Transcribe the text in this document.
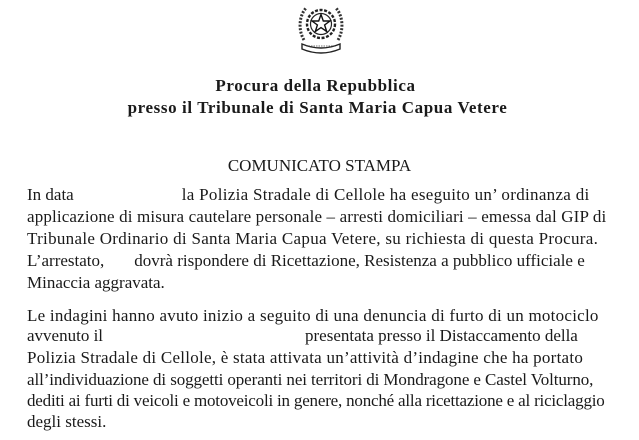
Procura della Repubblica
presso il Tribunale di Santa Maria Capua Vetere
COMUNICATO STAMPA
In data	la Polizia Stradale di Cellole ha eseguito un’ ordinanza di
applicazione di misura cautelare personale – arresti domiciliari – emessa dal GIP di
Tribunale Ordinario di Santa Maria Capua Vetere, su richiesta di questa Procura.
L’arrestato, dovrà rispondere di Ricettazione, Resistenza a pubblico ufficiale e
Minaccia aggravata.
Le indagini hanno avuto inizio a seguito di una denuncia di furto di un motociclo
avvenuto il	presentata presso il Distaccamento della
Polizia Stradale di Cellole, è stata attivata un’attività d’indagine che ha portato
all’individuazione di soggetti operanti nei territori di Mondragone e Castel Volturno,
dediti ai furti di veicoli e motoveicoli in genere, nonché alla ricettazione e al riciclaggio
degli stessi.
